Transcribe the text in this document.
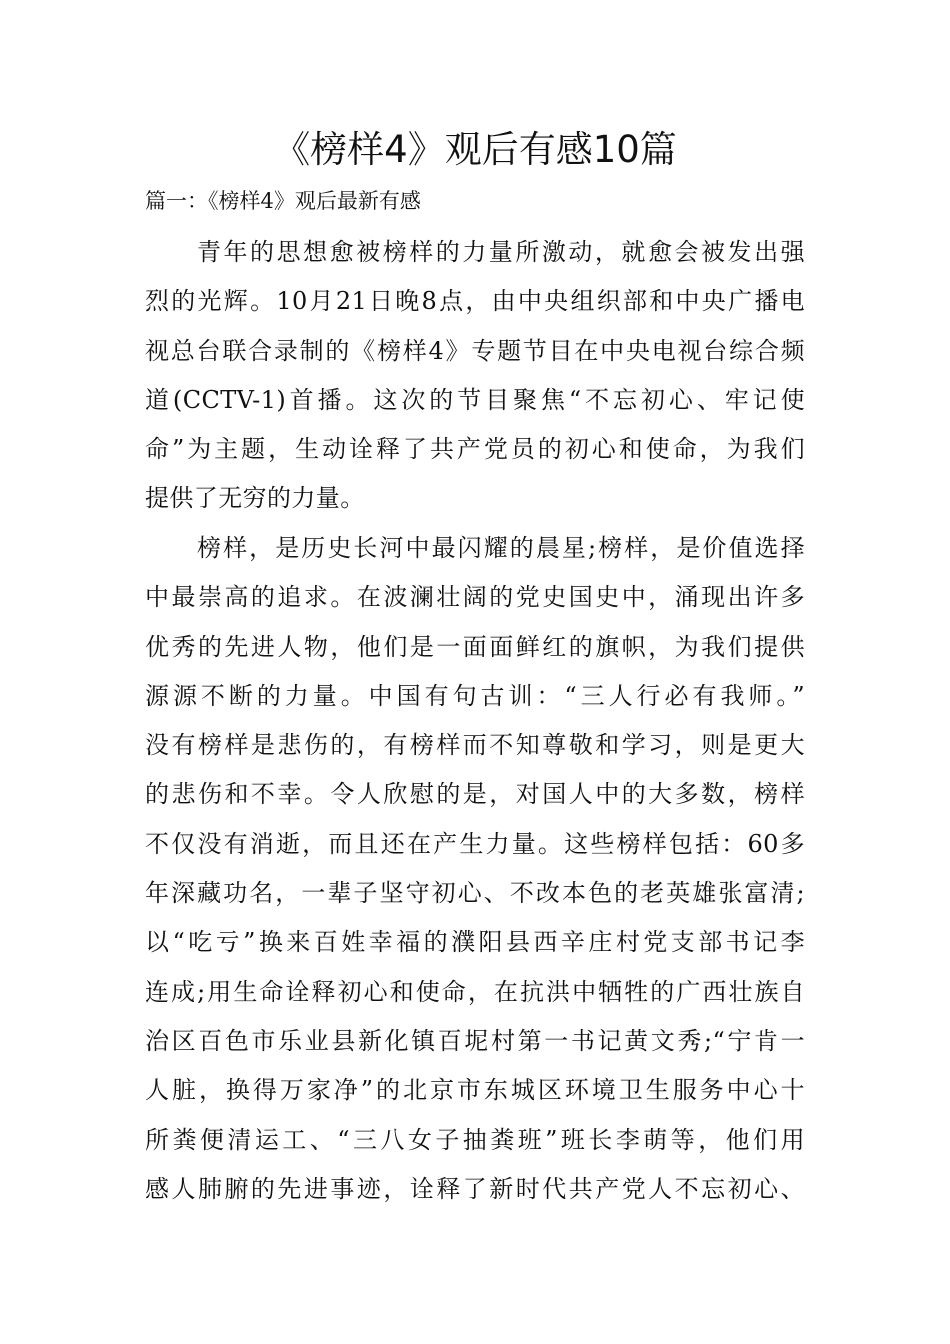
《榜样4》观后有感10篇

篇一：《榜样4》观后最新有感

青年的思想愈被榜样的力量所激动，就愈会被发出强
烈的光辉。10月21日晚8点，由中央组织部和中央广播电
视总台联合录制的《榜样4》专题节目在中央电视台综合频
道(CCTV-1)首播。这次的节目聚焦“不忘初心、牢记使
命”为主题，生动诠释了共产党员的初心和使命，为我们
提供了无穷的力量。
榜样，是历史长河中最闪耀的晨星;榜样，是价值选择
中最崇高的追求。在波澜壮阔的党史国史中，涌现出许多
优秀的先进人物，他们是一面面鲜红的旗帜，为我们提供
源源不断的力量。中国有句古训：“三人行必有我师。”
没有榜样是悲伤的，有榜样而不知尊敬和学习，则是更大
的悲伤和不幸。令人欣慰的是，对国人中的大多数，榜样
不仅没有消逝，而且还在产生力量。这些榜样包括：60多
年深藏功名，一辈子坚守初心、不改本色的老英雄张富清;
以“吃亏”换来百姓幸福的濮阳县西辛庄村党支部书记李
连成;用生命诠释初心和使命，在抗洪中牺牲的广西壮族自
治区百色市乐业县新化镇百坭村第一书记黄文秀;“宁肯一
人脏，换得万家净”的北京市东城区环境卫生服务中心十
所粪便清运工、“三八女子抽粪班”班长李萌等，他们用
感人肺腑的先进事迹，诠释了新时代共产党人不忘初心、
